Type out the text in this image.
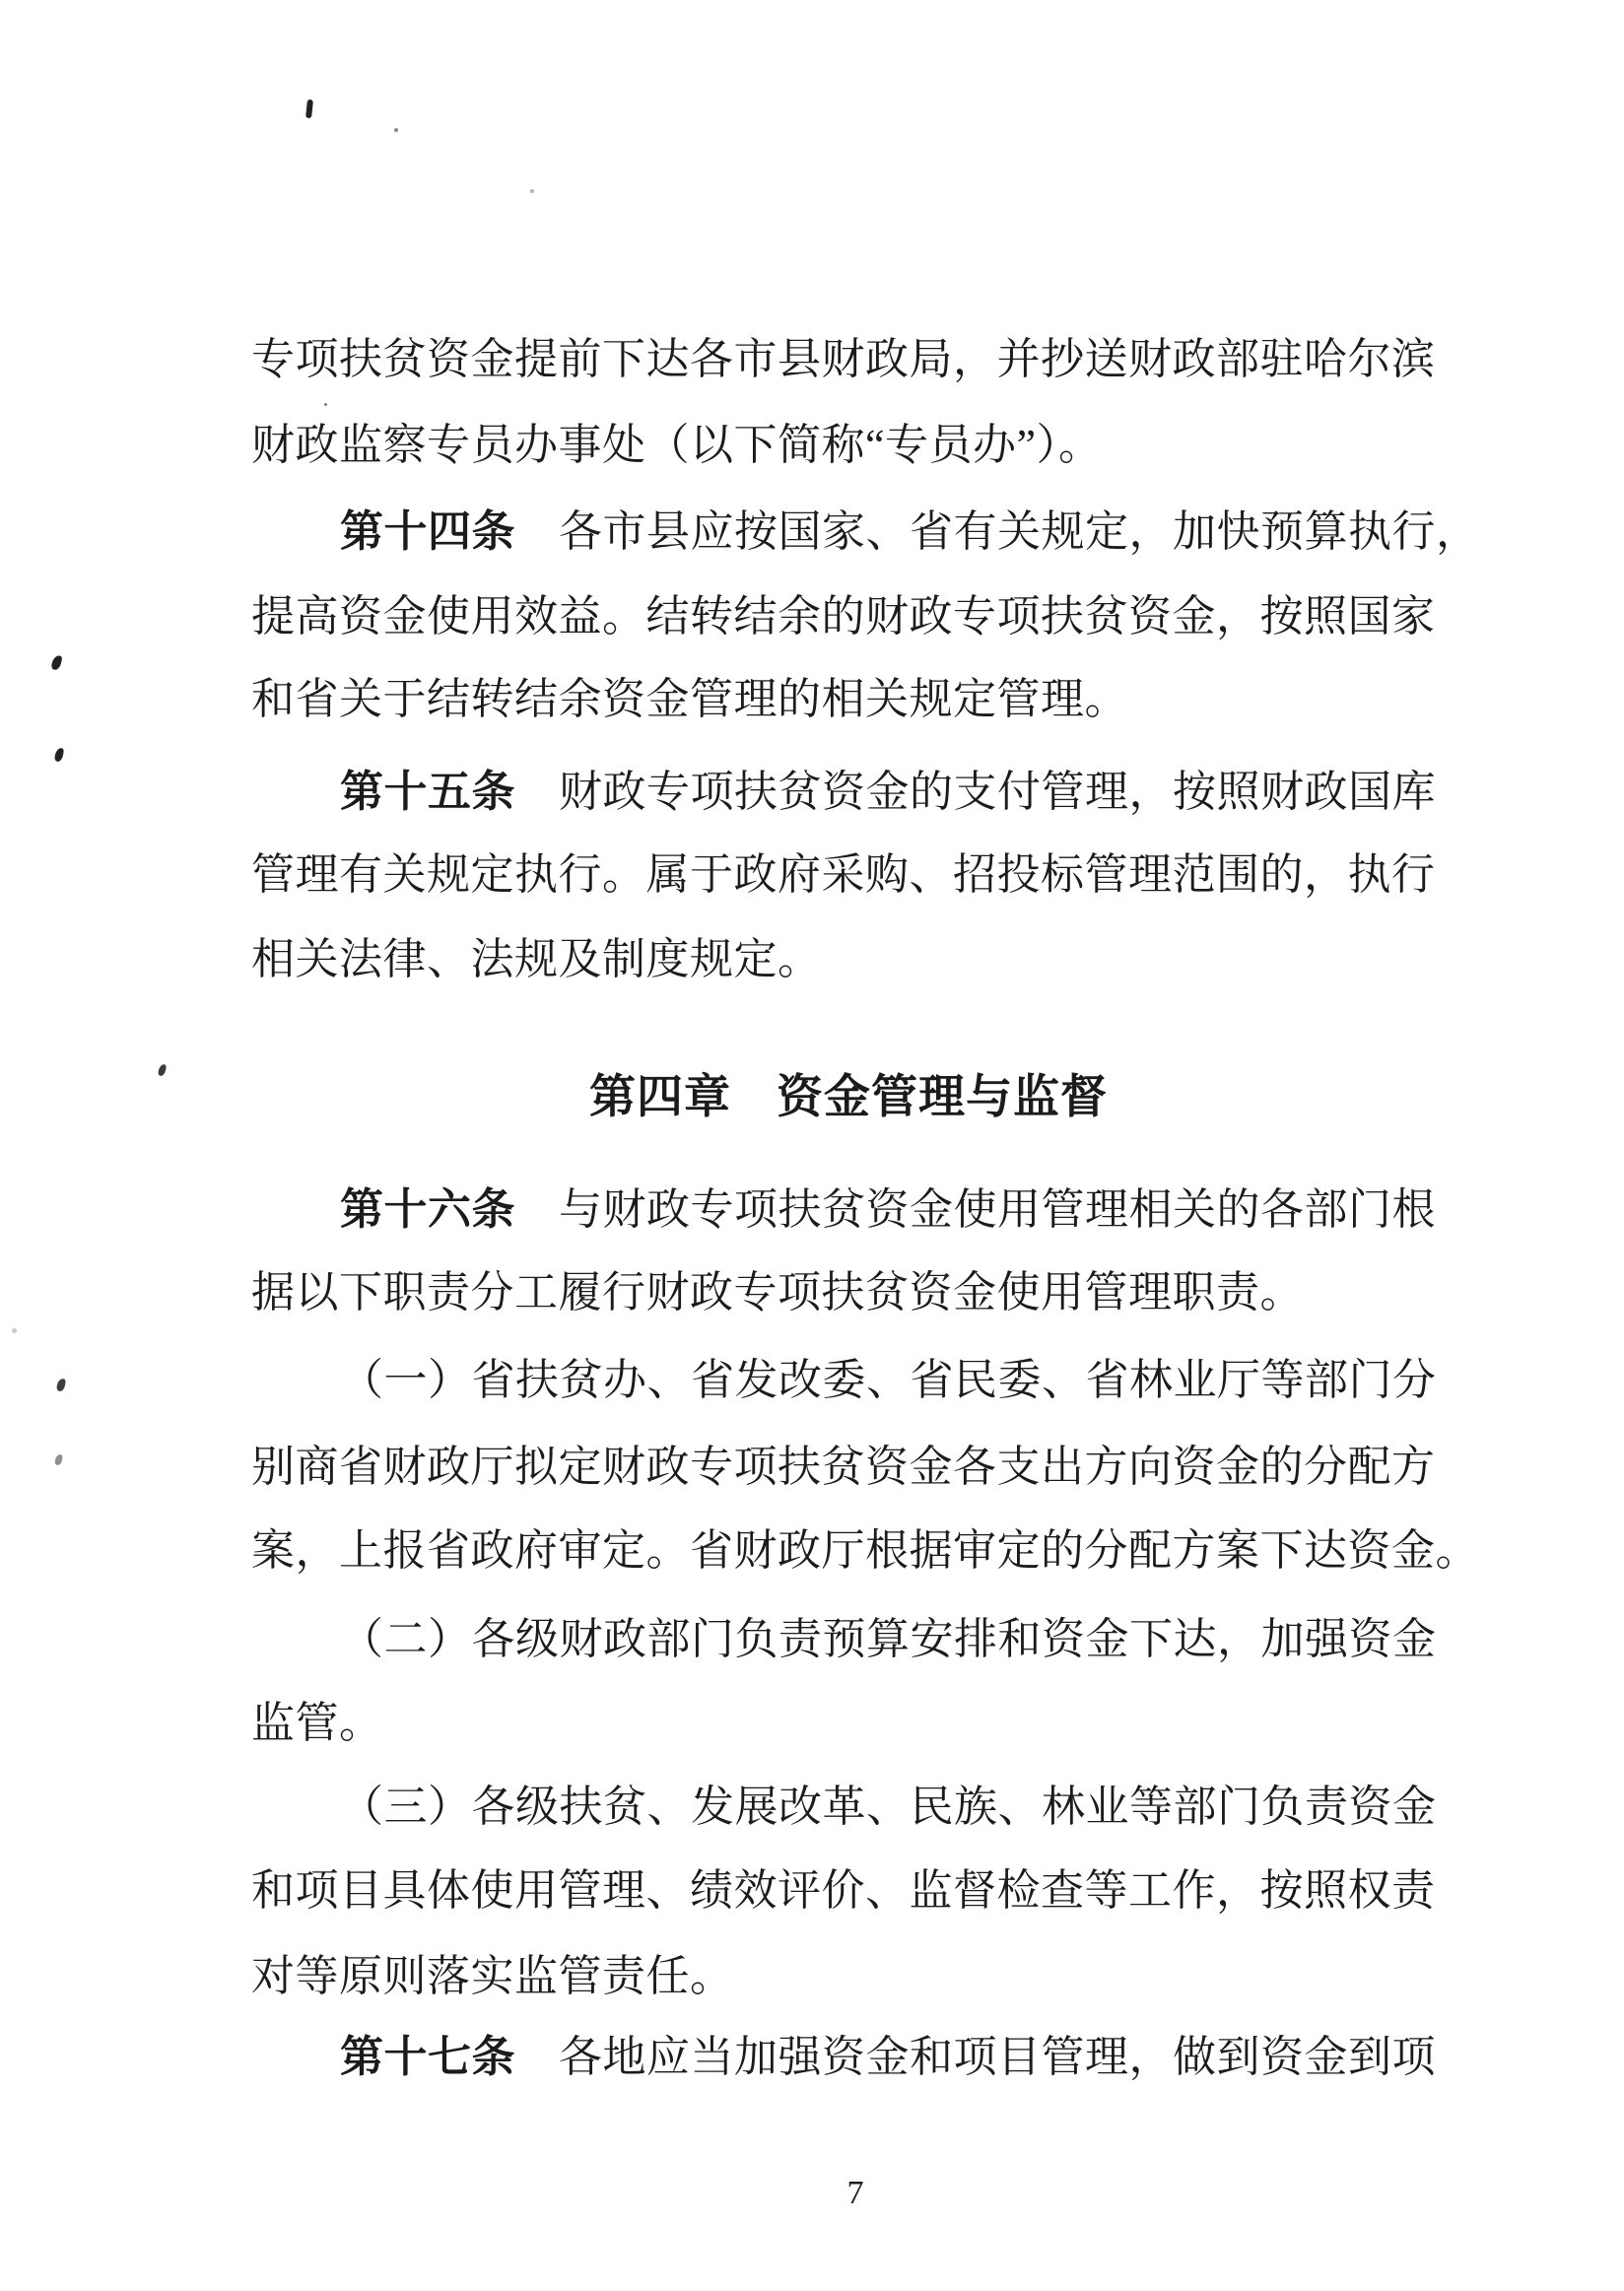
专项扶贫资金提前下达各市县财政局，并抄送财政部驻哈尔滨
财政监察专员办事处（以下简称“专员办”）。
第十四条 各市县应按国家、省有关规定，加快预算执行，
提高资金使用效益。结转结余的财政专项扶贫资金，按照国家
和省关于结转结余资金管理的相关规定管理。
第十五条 财政专项扶贫资金的支付管理，按照财政国库
管理有关规定执行。属于政府采购、招投标管理范围的，执行
相关法律、法规及制度规定。
第四章 资金管理与监督
第十六条 与财政专项扶贫资金使用管理相关的各部门根
据以下职责分工履行财政专项扶贫资金使用管理职责。
（一）省扶贫办、省发改委、省民委、省林业厅等部门分
别商省财政厅拟定财政专项扶贫资金各支出方向资金的分配方
案，上报省政府审定。省财政厅根据审定的分配方案下达资金。
（二）各级财政部门负责预算安排和资金下达，加强资金
监管。
（三）各级扶贫、发展改革、民族、林业等部门负责资金
和项目具体使用管理、绩效评价、监督检查等工作，按照权责
对等原则落实监管责任。
第十七条 各地应当加强资金和项目管理，做到资金到项
7
